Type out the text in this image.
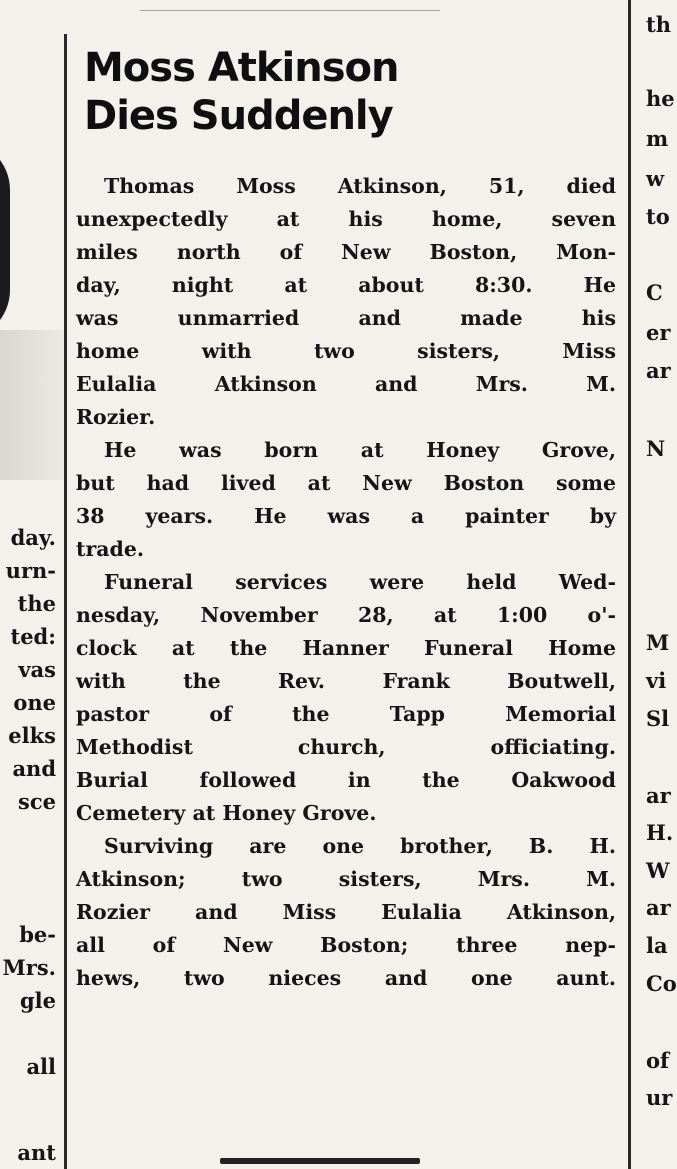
day.
urn-
the
ted:
vas
one
elks
and
sce
be-
Mrs.
gle
all
ant
th
he
m
w
to
C
er
ar
N
M
vi
Sl
ar
H.
W
ar
la
Co
of
ur
Moss Atkinson
Dies Suddenly
Thomas Moss Atkinson, 51, died
unexpectedly at his home, seven
miles north of New Boston, Mon-
day, night at about 8:30. He
was unmarried and made his
home with two sisters, Miss
Eulalia Atkinson and Mrs. M.
Rozier.
He was born at Honey Grove,
but had lived at New Boston some
38 years. He was a painter by
trade.
Funeral services were held Wed-
nesday, November 28, at 1:00 o'-
clock at the Hanner Funeral Home
with the Rev. Frank Boutwell,
pastor of the Tapp Memorial
Methodist church, officiating.
Burial followed in the Oakwood
Cemetery at Honey Grove.
Surviving are one brother, B. H.
Atkinson; two sisters, Mrs. M.
Rozier and Miss Eulalia Atkinson,
all of New Boston; three nep-
hews, two nieces and one aunt.
